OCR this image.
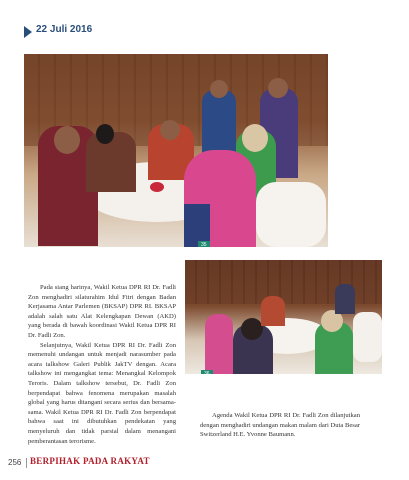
22 Juli 2016
35
36

Pada siang harinya, Wakil Ketua DPR RI Dr. Fadli Zon menghadiri silaturahim Idul Fitri dengan Badan Kerjasama Antar Parlemen (BKSAP) DPR RI. BKSAP adalah salah satu Alat Kelengkapan Dewan (AKD) yang berada di bawah koordinasi Wakil Ketua DPR RI Dr. Fadli Zon.

Selanjutnya, Wakil Ketua DPR RI Dr. Fadli Zon memenuhi undangan untuk menjadi narasumber pada acara talkshow Galeri Publik JakTV dengan. Acara talkshow ini mengangkat tema: Menangkal Kelompok Teroris. Dalam talkshow tersebut, Dr. Fadli Zon berpendapat bahwa fenomena merupakan masalah global yang harus ditangani secara serius dan bersama-sama. Wakil Ketua DPR RI Dr. Fadli Zon berpendapat bahwa saat ini dibutuhkan pendekatan yang menyeluruh dan tidak parsial dalam menangani pemberantasan terorisme.

Agenda Wakil Ketua DPR RI Dr. Fadli Zon dilanjutkan dengan menghadiri undangan makan malam dari Duta Besar Switzerland H.E. Yvonne Baumann.

256 BERPIHAK PADA RAKYAT
